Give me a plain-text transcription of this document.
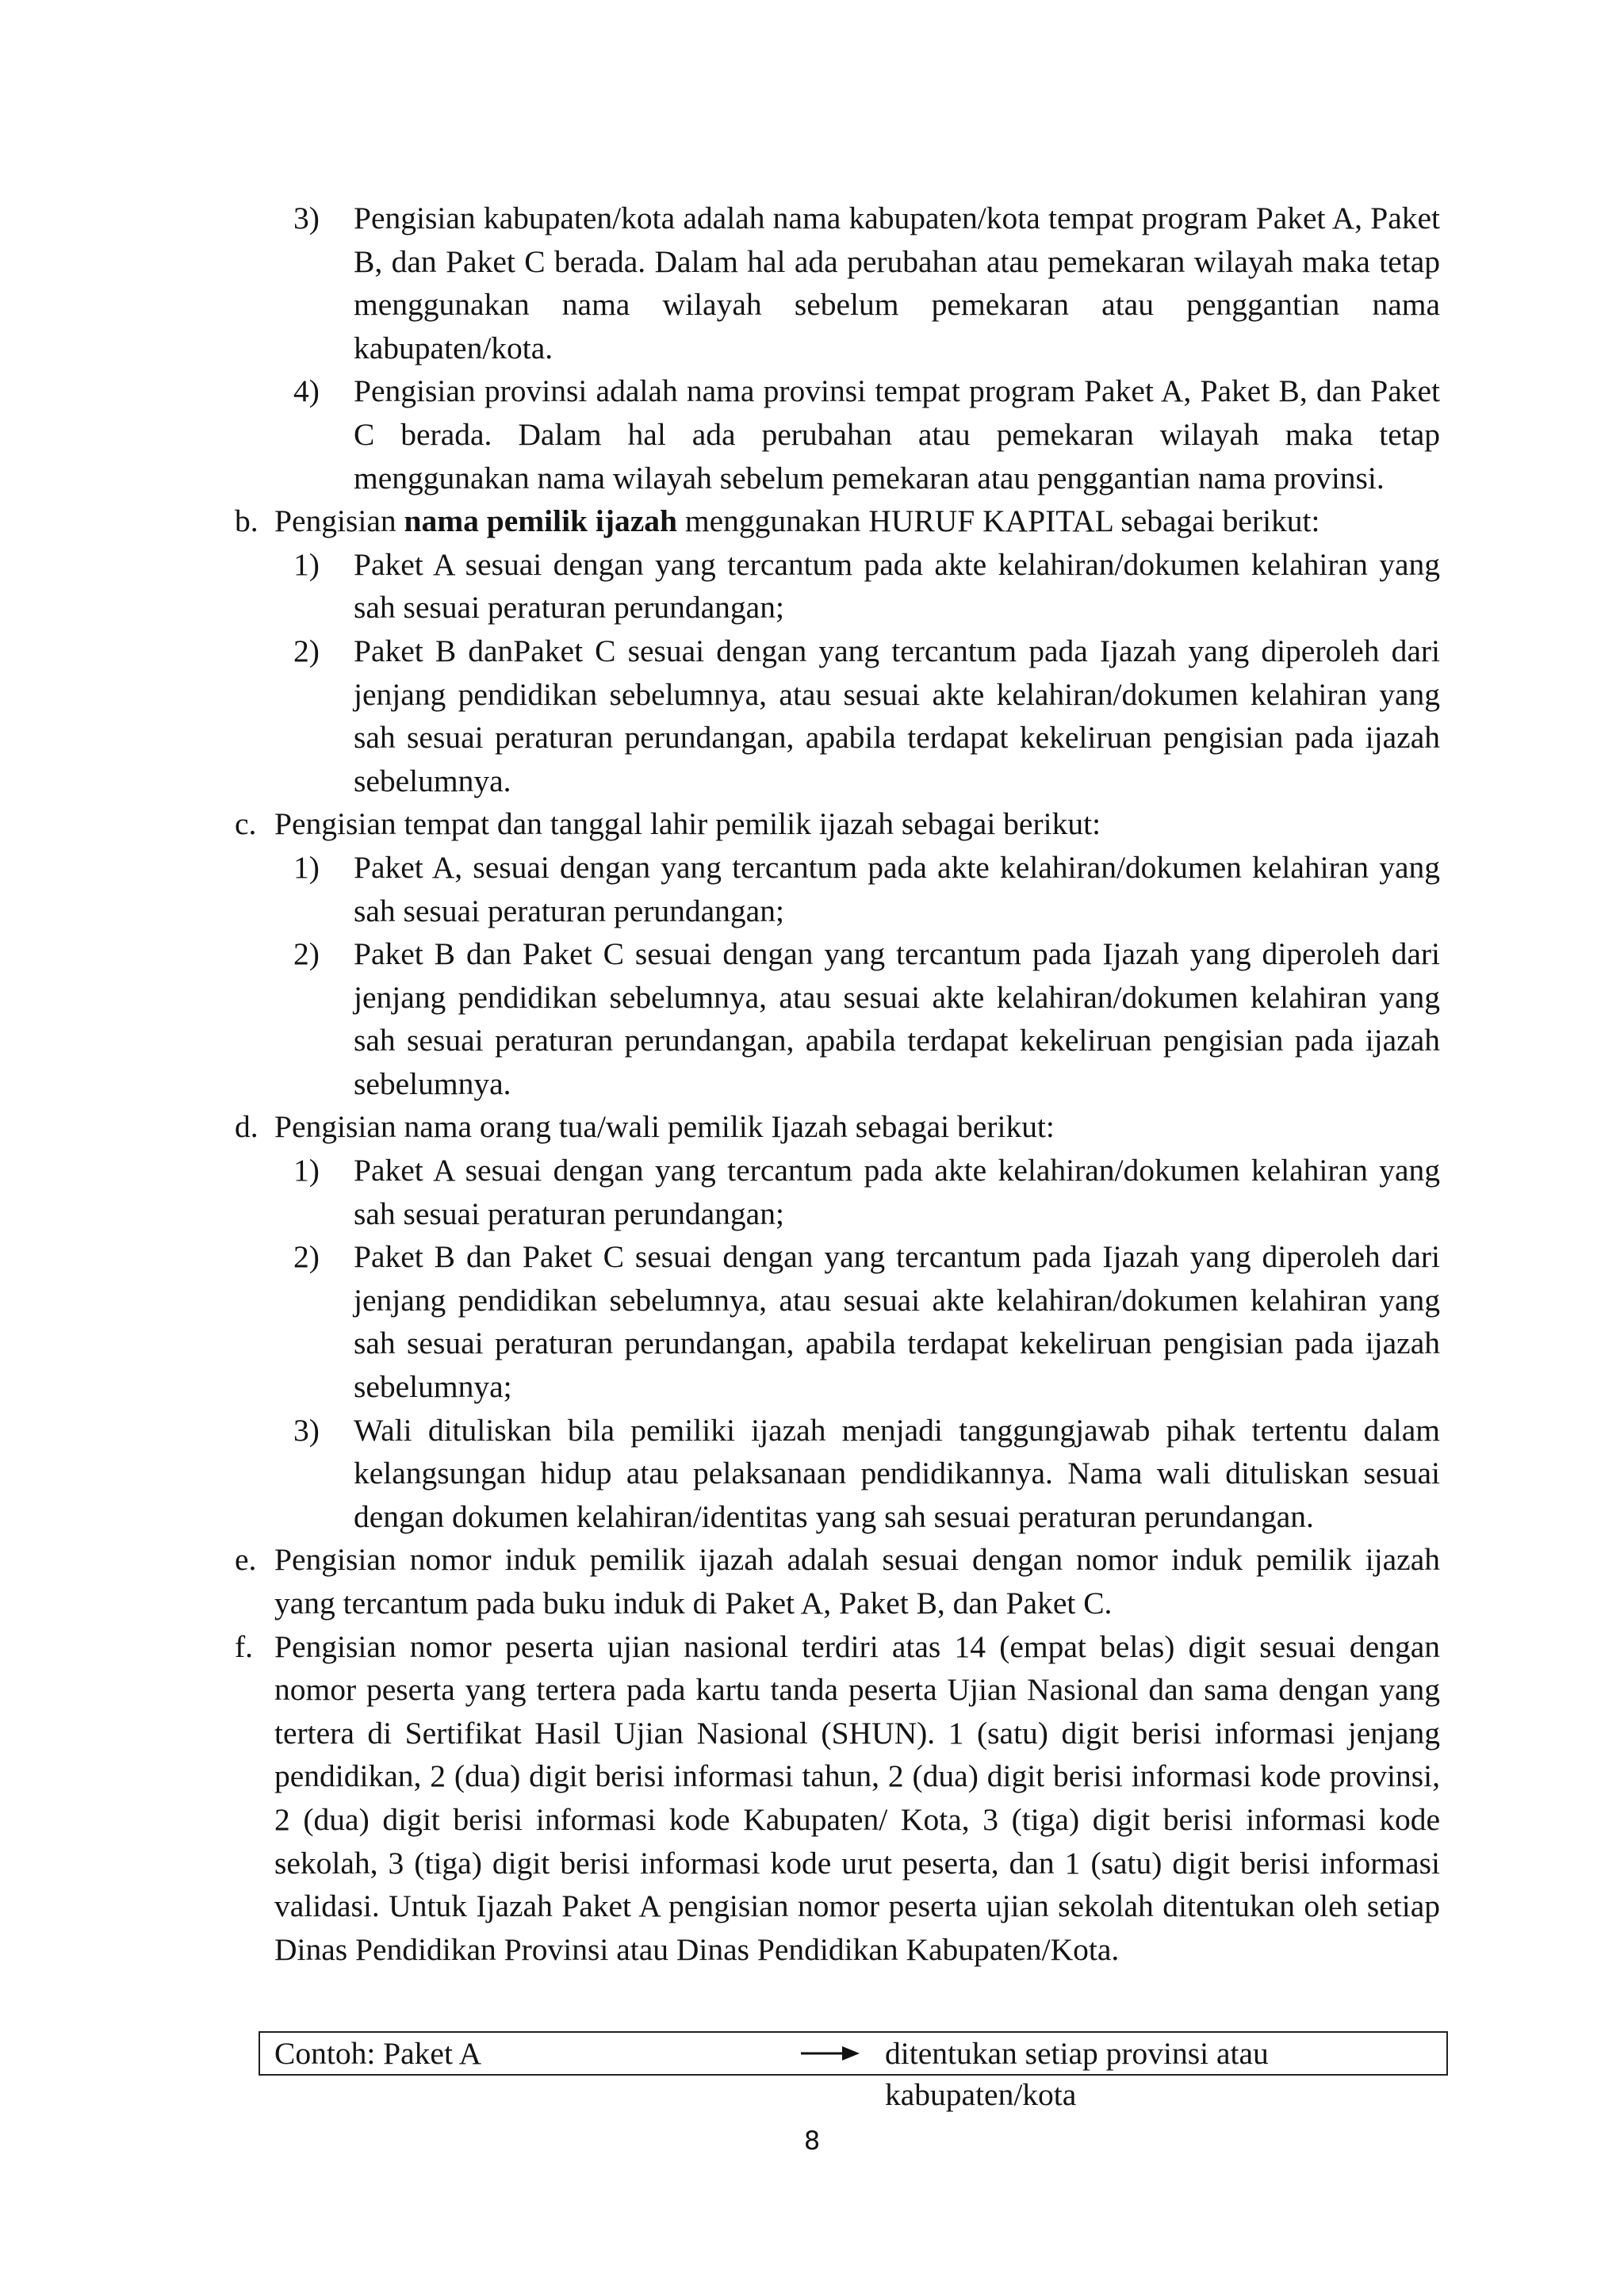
3)	Pengisian kabupaten/kota adalah nama kabupaten/kota tempat program Paket A, Paket B, dan Paket C berada. Dalam hal ada perubahan atau pemekaran wilayah maka tetap menggunakan nama wilayah sebelum pemekaran atau penggantian nama kabupaten/kota.
4)	Pengisian provinsi adalah nama provinsi tempat program Paket A, Paket B, dan Paket C berada. Dalam hal ada perubahan atau pemekaran wilayah maka tetap menggunakan nama wilayah sebelum pemekaran atau penggantian nama provinsi.
b. Pengisian nama pemilik ijazah menggunakan HURUF KAPITAL sebagai berikut:
1)	Paket A sesuai dengan yang tercantum pada akte kelahiran/dokumen kelahiran yang sah sesuai peraturan perundangan;
2)	Paket B danPaket C sesuai dengan yang tercantum pada Ijazah yang diperoleh dari jenjang pendidikan sebelumnya, atau sesuai akte kelahiran/dokumen kelahiran yang sah sesuai peraturan perundangan, apabila terdapat kekeliruan pengisian pada ijazah sebelumnya.
c. Pengisian tempat dan tanggal lahir pemilik ijazah sebagai berikut:
1)	Paket A, sesuai dengan yang tercantum pada akte kelahiran/dokumen kelahiran yang sah sesuai peraturan perundangan;
2)	Paket B dan Paket C sesuai dengan yang tercantum pada Ijazah yang diperoleh dari jenjang pendidikan sebelumnya, atau sesuai akte kelahiran/dokumen kelahiran yang sah sesuai peraturan perundangan, apabila terdapat kekeliruan pengisian pada ijazah sebelumnya.
d. Pengisian nama orang tua/wali pemilik Ijazah sebagai berikut:
1)	Paket A sesuai dengan yang tercantum pada akte kelahiran/dokumen kelahiran yang sah sesuai peraturan perundangan;
2)	Paket B dan Paket C sesuai dengan yang tercantum pada Ijazah yang diperoleh dari jenjang pendidikan sebelumnya, atau sesuai akte kelahiran/dokumen kelahiran yang sah sesuai peraturan perundangan, apabila terdapat kekeliruan pengisian pada ijazah sebelumnya;
3)	Wali dituliskan bila pemiliki ijazah menjadi tanggungjawab pihak tertentu dalam kelangsungan hidup atau pelaksanaan pendidikannya. Nama wali dituliskan sesuai dengan dokumen kelahiran/identitas yang sah sesuai peraturan perundangan.
e. Pengisian nomor induk pemilik ijazah adalah sesuai dengan nomor induk pemilik ijazah yang tercantum pada buku induk di Paket A, Paket B, dan Paket C.
f. Pengisian nomor peserta ujian nasional terdiri atas 14 (empat belas) digit sesuai dengan nomor peserta yang tertera pada kartu tanda peserta Ujian Nasional dan sama dengan yang tertera di Sertifikat Hasil Ujian Nasional (SHUN). 1 (satu) digit berisi informasi jenjang pendidikan, 2 (dua) digit berisi informasi tahun, 2 (dua) digit berisi informasi kode provinsi, 2 (dua) digit berisi informasi kode Kabupaten/ Kota, 3 (tiga) digit berisi informasi kode sekolah, 3 (tiga) digit berisi informasi kode urut peserta, dan 1 (satu) digit berisi informasi validasi. Untuk Ijazah Paket A pengisian nomor peserta ujian sekolah ditentukan oleh setiap Dinas Pendidikan Provinsi atau Dinas Pendidikan Kabupaten/Kota.
Contoh: Paket A	ditentukan setiap provinsi atau kabupaten/kota
8
